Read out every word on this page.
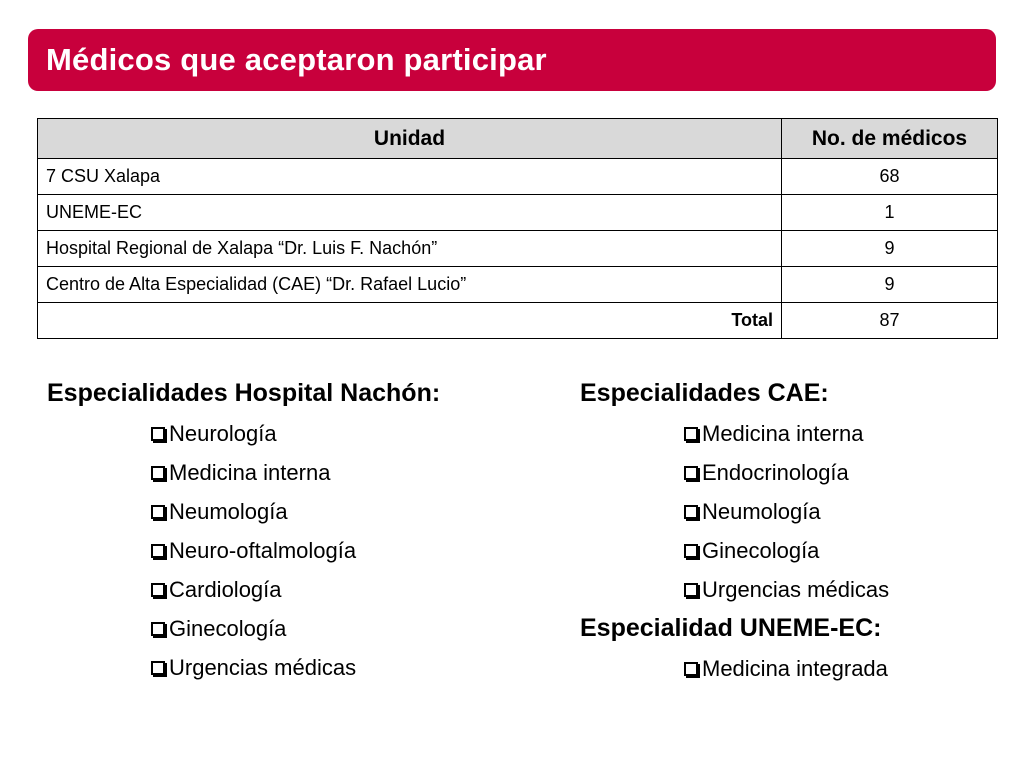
Médicos que aceptaron participar
Unidad	No. de médicos
7 CSU Xalapa	68
UNEME-EC	1
Hospital Regional de Xalapa “Dr. Luis F. Nachón”	9
Centro de Alta Especialidad (CAE) “Dr. Rafael Lucio”	9
Total	87
Especialidades Hospital Nachón:
Neurología
Medicina interna
Neumología
Neuro-oftalmología
Cardiología
Ginecología
Urgencias médicas
Especialidades CAE:
Medicina interna
Endocrinología
Neumología
Ginecología
Urgencias médicas
Especialidad UNEME-EC:
Medicina integrada
